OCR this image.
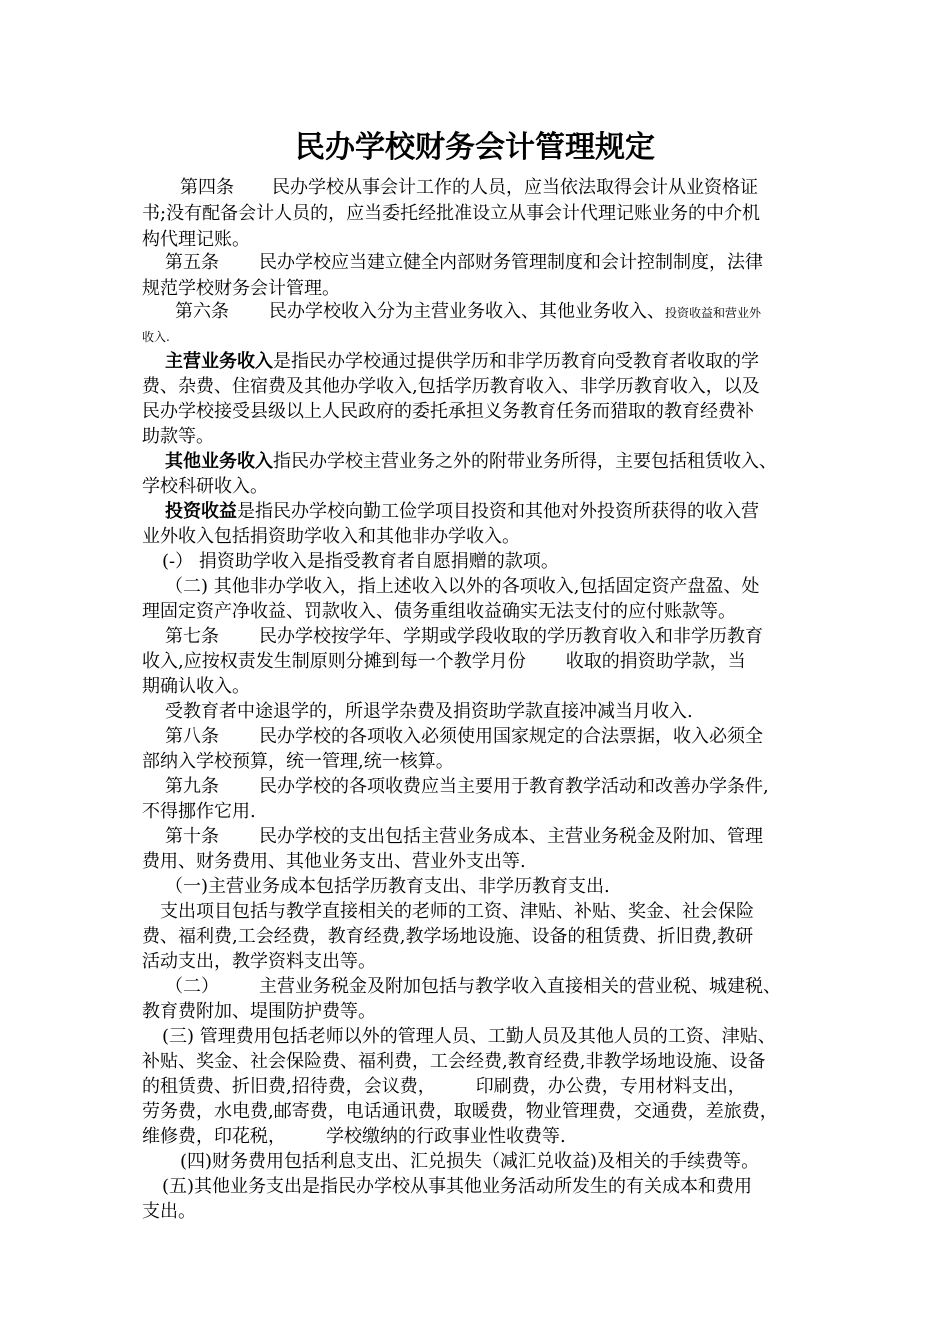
民办学校财务会计管理规定
第四条 民办学校从事会计工作的人员，应当依法取得会计从业资格证
书;没有配备会计人员的，应当委托经批准设立从事会计代理记账业务的中介机
构代理记账。
第五条 民办学校应当建立健全内部财务管理制度和会计控制制度，法律
规范学校财务会计管理。
第六条 民办学校收入分为主营业务收入、其他业务收入、投资收益和营业外
收入.
主营业务收入是指民办学校通过提供学历和非学历教育向受教育者收取的学
费、杂费、住宿费及其他办学收入,包括学历教育收入、非学历教育收入，以及
民办学校接受县级以上人民政府的委托承担义务教育任务而猎取的教育经费补
助款等。
其他业务收入指民办学校主营业务之外的附带业务所得，主要包括租赁收入、
学校科研收入。
投资收益是指民办学校向勤工俭学项目投资和其他对外投资所获得的收入营
业外收入包括捐资助学收入和其他非办学收入。
(-） 捐资助学收入是指受教育者自愿捐赠的款项。
（二) 其他非办学收入，指上述收入以外的各项收入,包括固定资产盘盈、处
理固定资产净收益、罚款收入、债务重组收益确实无法支付的应付账款等。
第七条 民办学校按学年、学期或学段收取的学历教育收入和非学历教育
收入,应按权责发生制原则分摊到每一个教学月份 收取的捐资助学款，当
期确认收入。
受教育者中途退学的，所退学杂费及捐资助学款直接冲减当月收入.
第八条 民办学校的各项收入必须使用国家规定的合法票据，收入必须全
部纳入学校预算，统一管理,统一核算。
第九条 民办学校的各项收费应当主要用于教育教学活动和改善办学条件,
不得挪作它用.
第十条 民办学校的支出包括主营业务成本、主营业务税金及附加、管理
费用、财务费用、其他业务支出、营业外支出等.
（一)主营业务成本包括学历教育支出、非学历教育支出.
支出项目包括与教学直接相关的老师的工资、津贴、补贴、奖金、社会保险
费、福利费,工会经费，教育经费,教学场地设施、设备的租赁费、折旧费,教研
活动支出，教学资料支出等。
（二） 主营业务税金及附加包括与教学收入直接相关的营业税、城建税、
教育费附加、堤围防护费等。
(三) 管理费用包括老师以外的管理人员、工勤人员及其他人员的工资、津贴、
补贴、奖金、社会保险费、福利费，工会经费,教育经费,非教学场地设施、设备
的租赁费、折旧费,招待费，会议费， 印刷费，办公费，专用材料支出，
劳务费，水电费,邮寄费，电话通讯费，取暖费，物业管理费，交通费，差旅费，
维修费，印花税， 学校缴纳的行政事业性收费等.
(四)财务费用包括利息支出、汇兑损失（减汇兑收益)及相关的手续费等。
(五)其他业务支出是指民办学校从事其他业务活动所发生的有关成本和费用
支出。
